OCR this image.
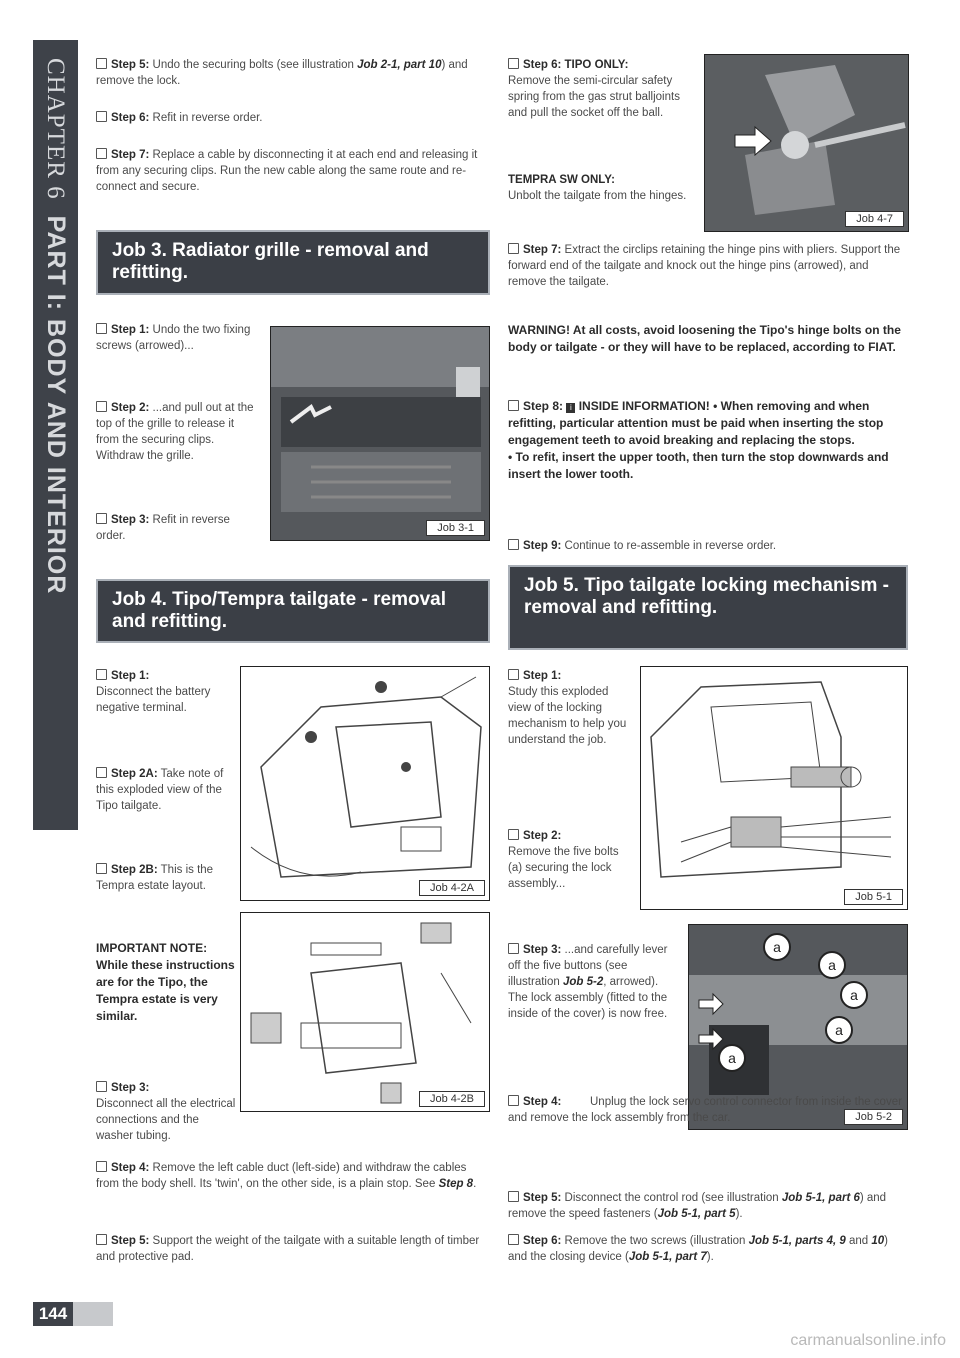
CHAPTER 6
PART I: BODY AND INTERIOR
Step 5: Undo the securing bolts (see illustration Job 2-1, part 10) and remove the lock.
Step 6: Refit in reverse order.
Step 7: Replace a cable by disconnecting it at each end and releasing it from any securing clips. Run the new cable along the same route and re-connect and secure.
Job 3. Radiator grille - removal and refitting.
Step 1: Undo the two fixing screws (arrowed)...
Step 2: ...and pull out at the top of the grille to release it from the securing clips. Withdraw the grille.
Step 3: Refit in reverse order.
Job 3-1
Job 4. Tipo/Tempra tailgate - removal and refitting.
Step 1:
Disconnect the battery negative terminal.
Step 2A: Take note of this exploded view of the Tipo tailgate.
Step 2B: This is the Tempra estate layout.	Job 4-2A
IMPORTANT NOTE: While these instructions are for the Tipo, the Tempra estate is very similar.
Step 3:
Disconnect all the electrical connections and the washer tubing.
Job 4-2B
Step 4: Remove the left cable duct (left-side) and withdraw the cables from the body shell. Its 'twin', on the other side, is a plain stop. See Step 8.
Step 5: Support the weight of the tailgate with a suitable length of timber and protective pad.
Step 6: TIPO ONLY:
Remove the semi-circular safety spring from the gas strut balljoints and pull the socket off the ball.
TEMPRA SW ONLY:
Unbolt the tailgate from the hinges.
Job 4-7
Step 7: Extract the circlips retaining the hinge pins with pliers. Support the forward end of the tailgate and knock out the hinge pins (arrowed), and remove the tailgate.
WARNING! At all costs, avoid loosening the Tipo's hinge bolts on the body or tailgate - or they will have to be replaced, according to FIAT.
Step 8: i INSIDE INFORMATION! • When removing and when refitting, particular attention must be paid when inserting the stop engagement teeth to avoid breaking and replacing the stops.
• To refit, insert the upper tooth, then turn the stop downwards and insert the lower tooth.
Step 9: Continue to re-assemble in reverse order.
Job 5. Tipo tailgate locking mechanism - removal and refitting.
Step 1:
Study this exploded view of the locking mechanism to help you understand the job.
Step 2:
Remove the five bolts (a) securing the lock assembly...
Job 5-1
Step 3: ...and carefully lever off the five buttons (see illustration Job 5-2, arrowed). The lock assembly (fitted to the inside of the cover) is now free.
a
a
a
a
a
Job 5-2
Step 4:	Unplug the lock servo control connector from inside the cover and remove the lock assembly from the car.
Step 5: Disconnect the control rod (see illustration Job 5-1, part 6) and remove the speed fasteners (Job 5-1, part 5).
Step 6: Remove the two screws (illustration Job 5-1, parts 4, 9 and 10) and the closing device (Job 5-1, part 7).
144
carmanualsonline.info
